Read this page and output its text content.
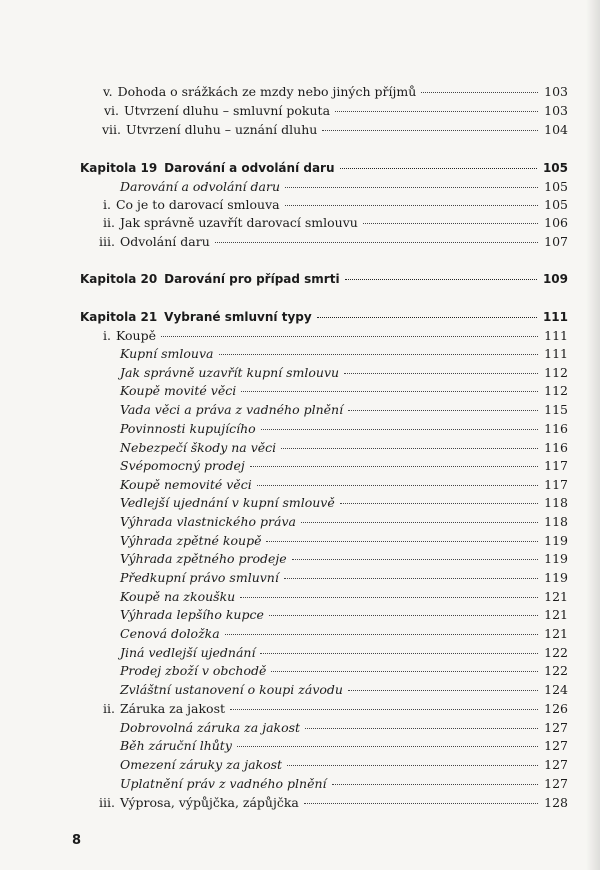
v. Dohoda o srážkách ze mzdy nebo jiných příjmů	103
vi. Utvrzení dluhu – smluvní pokuta	103
vii. Utvrzení dluhu – uznání dluhu	104
Kapitola 19 Darování a odvolání daru	105
Darování a odvolání daru	105
i. Co je to darovací smlouva	105
ii. Jak správně uzavřít darovací smlouvu	106
iii. Odvolání daru	107
Kapitola 20 Darování pro případ smrti	109
Kapitola 21 Vybrané smluvní typy	111
i. Koupě	111
Kupní smlouva	111
Jak správně uzavřít kupní smlouvu	112
Koupě movité věci	112
Vada věci a práva z vadného plnění	115
Povinnosti kupujícího	116
Nebezpečí škody na věci	116
Svépomocný prodej	117
Koupě nemovité věci	117
Vedlejší ujednání v kupní smlouvě	118
Výhrada vlastnického práva	118
Výhrada zpětné koupě	119
Výhrada zpětného prodeje	119
Předkupní právo smluvní	119
Koupě na zkoušku	121
Výhrada lepšího kupce	121
Cenová doložka	121
Jiná vedlejší ujednání	122
Prodej zboží v obchodě	122
Zvláštní ustanovení o koupi závodu	124
ii. Záruka za jakost	126
Dobrovolná záruka za jakost	127
Běh záruční lhůty	127
Omezení záruky za jakost	127
Uplatnění práv z vadného plnění	127
iii. Výprosa, výpůjčka, zápůjčka	128
8
